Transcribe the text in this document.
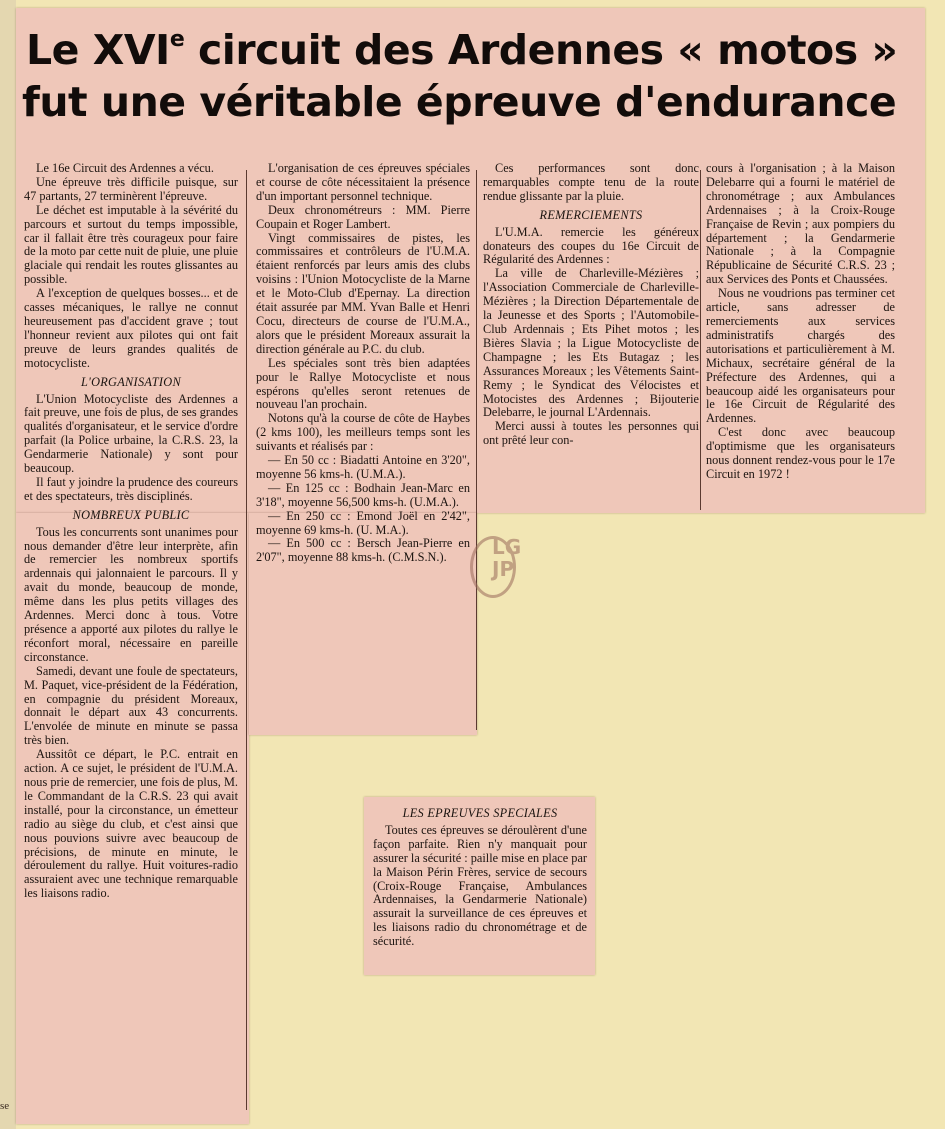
se
Le XVIe circuit des Ardennes « motos »
fut une véritable épreuve d'endurance

Le 16e Circuit des Ardennes a vécu.

Une épreuve très difficile puisque, sur 47 partants, 27 terminèrent l'épreuve.

Le déchet est imputable à la sévérité du parcours et surtout du temps impossible, car il fallait être très courageux pour faire de la moto par cette nuit de pluie, une pluie glaciale qui rendait les routes glissantes au possible.

A l'exception de quelques bosses... et de casses mécaniques, le rallye ne connut heureusement pas d'accident grave ; tout l'honneur revient aux pilotes qui ont fait preuve de leurs grandes qualités de motocycliste.

L'ORGANISATION

L'Union Motocycliste des Ardennes a fait preuve, une fois de plus, de ses grandes qualités d'organisateur, et le service d'ordre parfait (la Police urbaine, la C.R.S. 23, la Gendarmerie Nationale) y sont pour beaucoup.

Il faut y joindre la prudence des coureurs et des spectateurs, très disciplinés.

NOMBREUX PUBLIC

Tous les concurrents sont unanimes pour nous demander d'être leur interprète, afin de remercier les nombreux sportifs ardennais qui jalonnaient le parcours. Il y avait du monde, beaucoup de monde, même dans les plus petits villages des Ardennes. Merci donc à tous. Votre présence a apporté aux pilotes du rallye le réconfort moral, nécessaire en pareille circonstance.

Samedi, devant une foule de spectateurs, M. Paquet, vice-président de la Fédération, en compagnie du président Moreaux, donnait le départ aux 43 concurrents. L'envolée de minute en minute se passa très bien.

Aussitôt ce départ, le P.C. entrait en action. A ce sujet, le président de l'U.M.A. nous prie de remercier, une fois de plus, M. le Commandant de la C.R.S. 23 qui avait installé, pour la circonstance, un émetteur radio au siège du club, et c'est ainsi que nous pouvions suivre avec beaucoup de précisions, de minute en minute, le déroulement du rallye. Huit voitures-radio assuraient avec une technique remarquable les liaisons radio.

L'organisation de ces épreuves spéciales et course de côte nécessitaient la présence d'un important personnel technique.

Deux chronométreurs : MM. Pierre Coupain et Roger Lambert.

Vingt commissaires de pistes, les commissaires et contrôleurs de l'U.M.A. étaient renforcés par leurs amis des clubs voisins : l'Union Motocycliste de la Marne et le Moto-Club d'Epernay. La direction était assurée par MM. Yvan Balle et Henri Cocu, directeurs de course de l'U.M.A., alors que le président Moreaux assurait la direction générale au P.C. du club.

Les spéciales sont très bien adaptées pour le Rallye Motocycliste et nous espérons qu'elles seront retenues de nouveau l'an prochain.

Notons qu'à la course de côte de Haybes (2 kms 100), les meilleurs temps sont les suivants et réalisés par :

— En 50 cc : Biadatti Antoine en 3'20", moyenne 56 kms-h. (U.M.A.).

— En 125 cc : Bodhain Jean-Marc en 3'18", moyenne 56,500 kms-h. (U.M.A.).

— En 250 cc : Emond Joël en 2'42", moyenne 69 kms-h. (U. M.A.).

— En 500 cc : Bersch Jean-Pierre en 2'07", moyenne 88 kms-h. (C.M.S.N.).

Ces performances sont donc remarquables compte tenu de la route rendue glissante par la pluie.

REMERCIEMENTS

L'U.M.A. remercie les généreux donateurs des coupes du 16e Circuit de Régularité des Ardennes :

La ville de Charleville-Mézières ; l'Association Commerciale de Charleville-Mézières ; la Direction Départementale de la Jeunesse et des Sports ; l'Automobile-Club Ardennais ; Ets Pihet motos ; les Bières Slavia ; la Ligue Motocycliste de Champagne ; les Ets Butagaz ; les Assurances Moreaux ; les Vêtements Saint-Remy ; le Syndicat des Vélocistes et Motocistes des Ardennes ; Bijouterie Delebarre, le journal L'Ardennais.

Merci aussi à toutes les personnes qui ont prêté leur con-

cours à l'organisation ; à la Maison Delebarre qui a fourni le matériel de chronométrage ; aux Ambulances Ardennaises ; à la Croix-Rouge Française de Revin ; aux pompiers du département ; la Gendarmerie Nationale ; à la Compagnie Républicaine de Sécurité C.R.S. 23 ; aux Services des Ponts et Chaussées.

Nous ne voudrions pas terminer cet article, sans adresser de remerciements aux services administratifs chargés des autorisations et particulièrement à M. Michaux, secrétaire général de la Préfecture des Ardennes, qui a beaucoup aidé les organisateurs pour le 16e Circuit de Régularité des Ardennes.

C'est donc avec beaucoup d'optimisme que les organisateurs nous donnent rendez-vous pour le 17e Circuit en 1972 !

LES EPREUVES SPECIALES

Toutes ces épreuves se déroulèrent d'une façon parfaite. Rien n'y manquait pour assurer la sécurité : paille mise en place par la Maison Périn Frères, service de secours (Croix-Rouge Française, Ambulances Ardennaises, la Gendarmerie Nationale) assurait la surveillance de ces épreuves et les liaisons radio du chronométrage et de sécurité.

LG JP
